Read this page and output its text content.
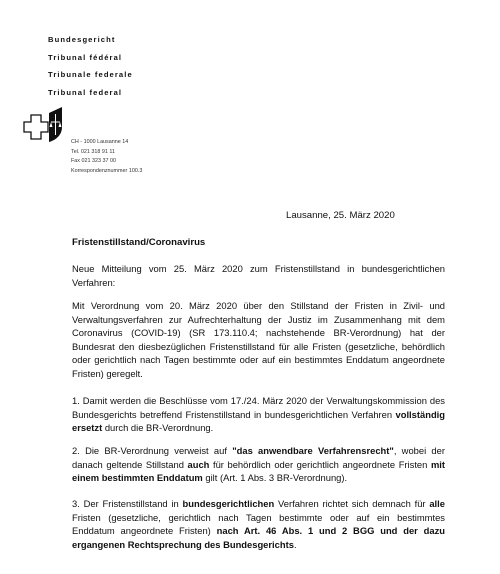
Bundesgericht
Tribunal fédéral
Tribunale federale
Tribunal federal
CH - 1000 Lausanne 14
Tel. 021 318 91 11
Fax 021 323 37 00
Korrespondenznummer 100.3
Lausanne, 25. März 2020
Fristenstillstand/Coronavirus
Neue Mitteilung vom 25. März 2020 zum Fristenstillstand in bundesgerichtlichen Verfahren:
Mit Verordnung vom 20. März 2020 über den Stillstand der Fristen in Zivil- und Verwaltungsverfahren zur Aufrechterhaltung der Justiz im Zusammenhang mit dem Coronavirus (COVID-19) (SR 173.110.4; nachstehende BR-Verordnung) hat der Bundesrat den diesbezüglichen Fristenstillstand für alle Fristen (gesetzliche, behördlich oder gerichtlich nach Tagen bestimmte oder auf ein bestimmtes Enddatum angeordnete Fristen) geregelt.
1. Damit werden die Beschlüsse vom 17./24. März 2020 der Verwaltungskommission des Bundesgerichts betreffend Fristenstillstand in bundesgerichtlichen Verfahren vollständig ersetzt durch die BR-Verordnung.
2. Die BR-Verordnung verweist auf "das anwendbare Verfahrensrecht", wobei der danach geltende Stillstand auch für behördlich oder gerichtlich angeordnete Fristen mit einem bestimmten Enddatum gilt (Art. 1 Abs. 3 BR-Verordnung).
3. Der Fristenstillstand in bundesgerichtlichen Verfahren richtet sich demnach für alle Fristen (gesetzliche, gerichtlich nach Tagen bestimmte oder auf ein bestimmtes Enddatum angeordnete Fristen) nach Art. 46 Abs. 1 und 2 BGG und der dazu ergangenen Rechtsprechung des Bundesgerichts.
